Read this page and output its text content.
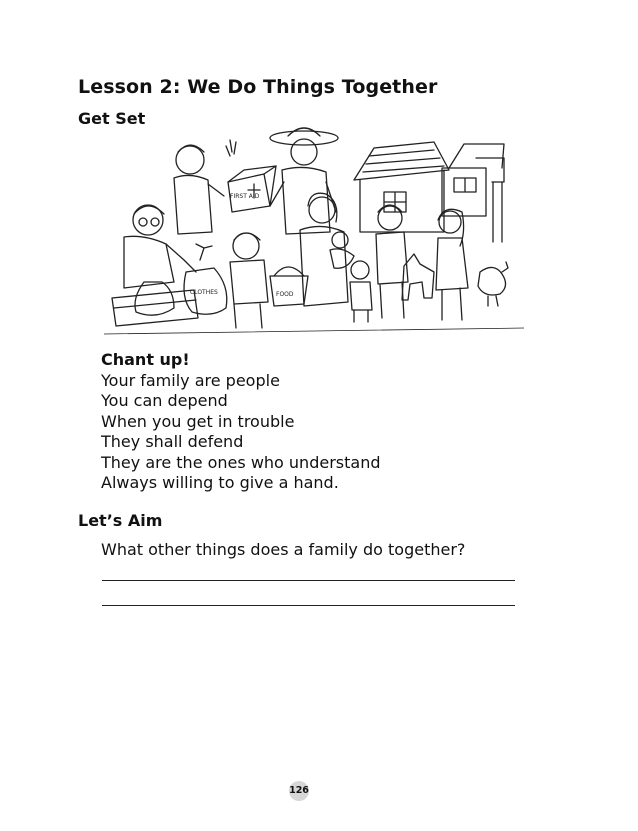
Lesson 2: We Do Things Together
Get Set
FIRST AID
FOOD
CLOTHES
Chant up!
Your family are people
You can depend
When you get in trouble
They shall defend
They are the ones who understand
Always willing to give a hand.
Let’s Aim
What other things does a family do together?
126
